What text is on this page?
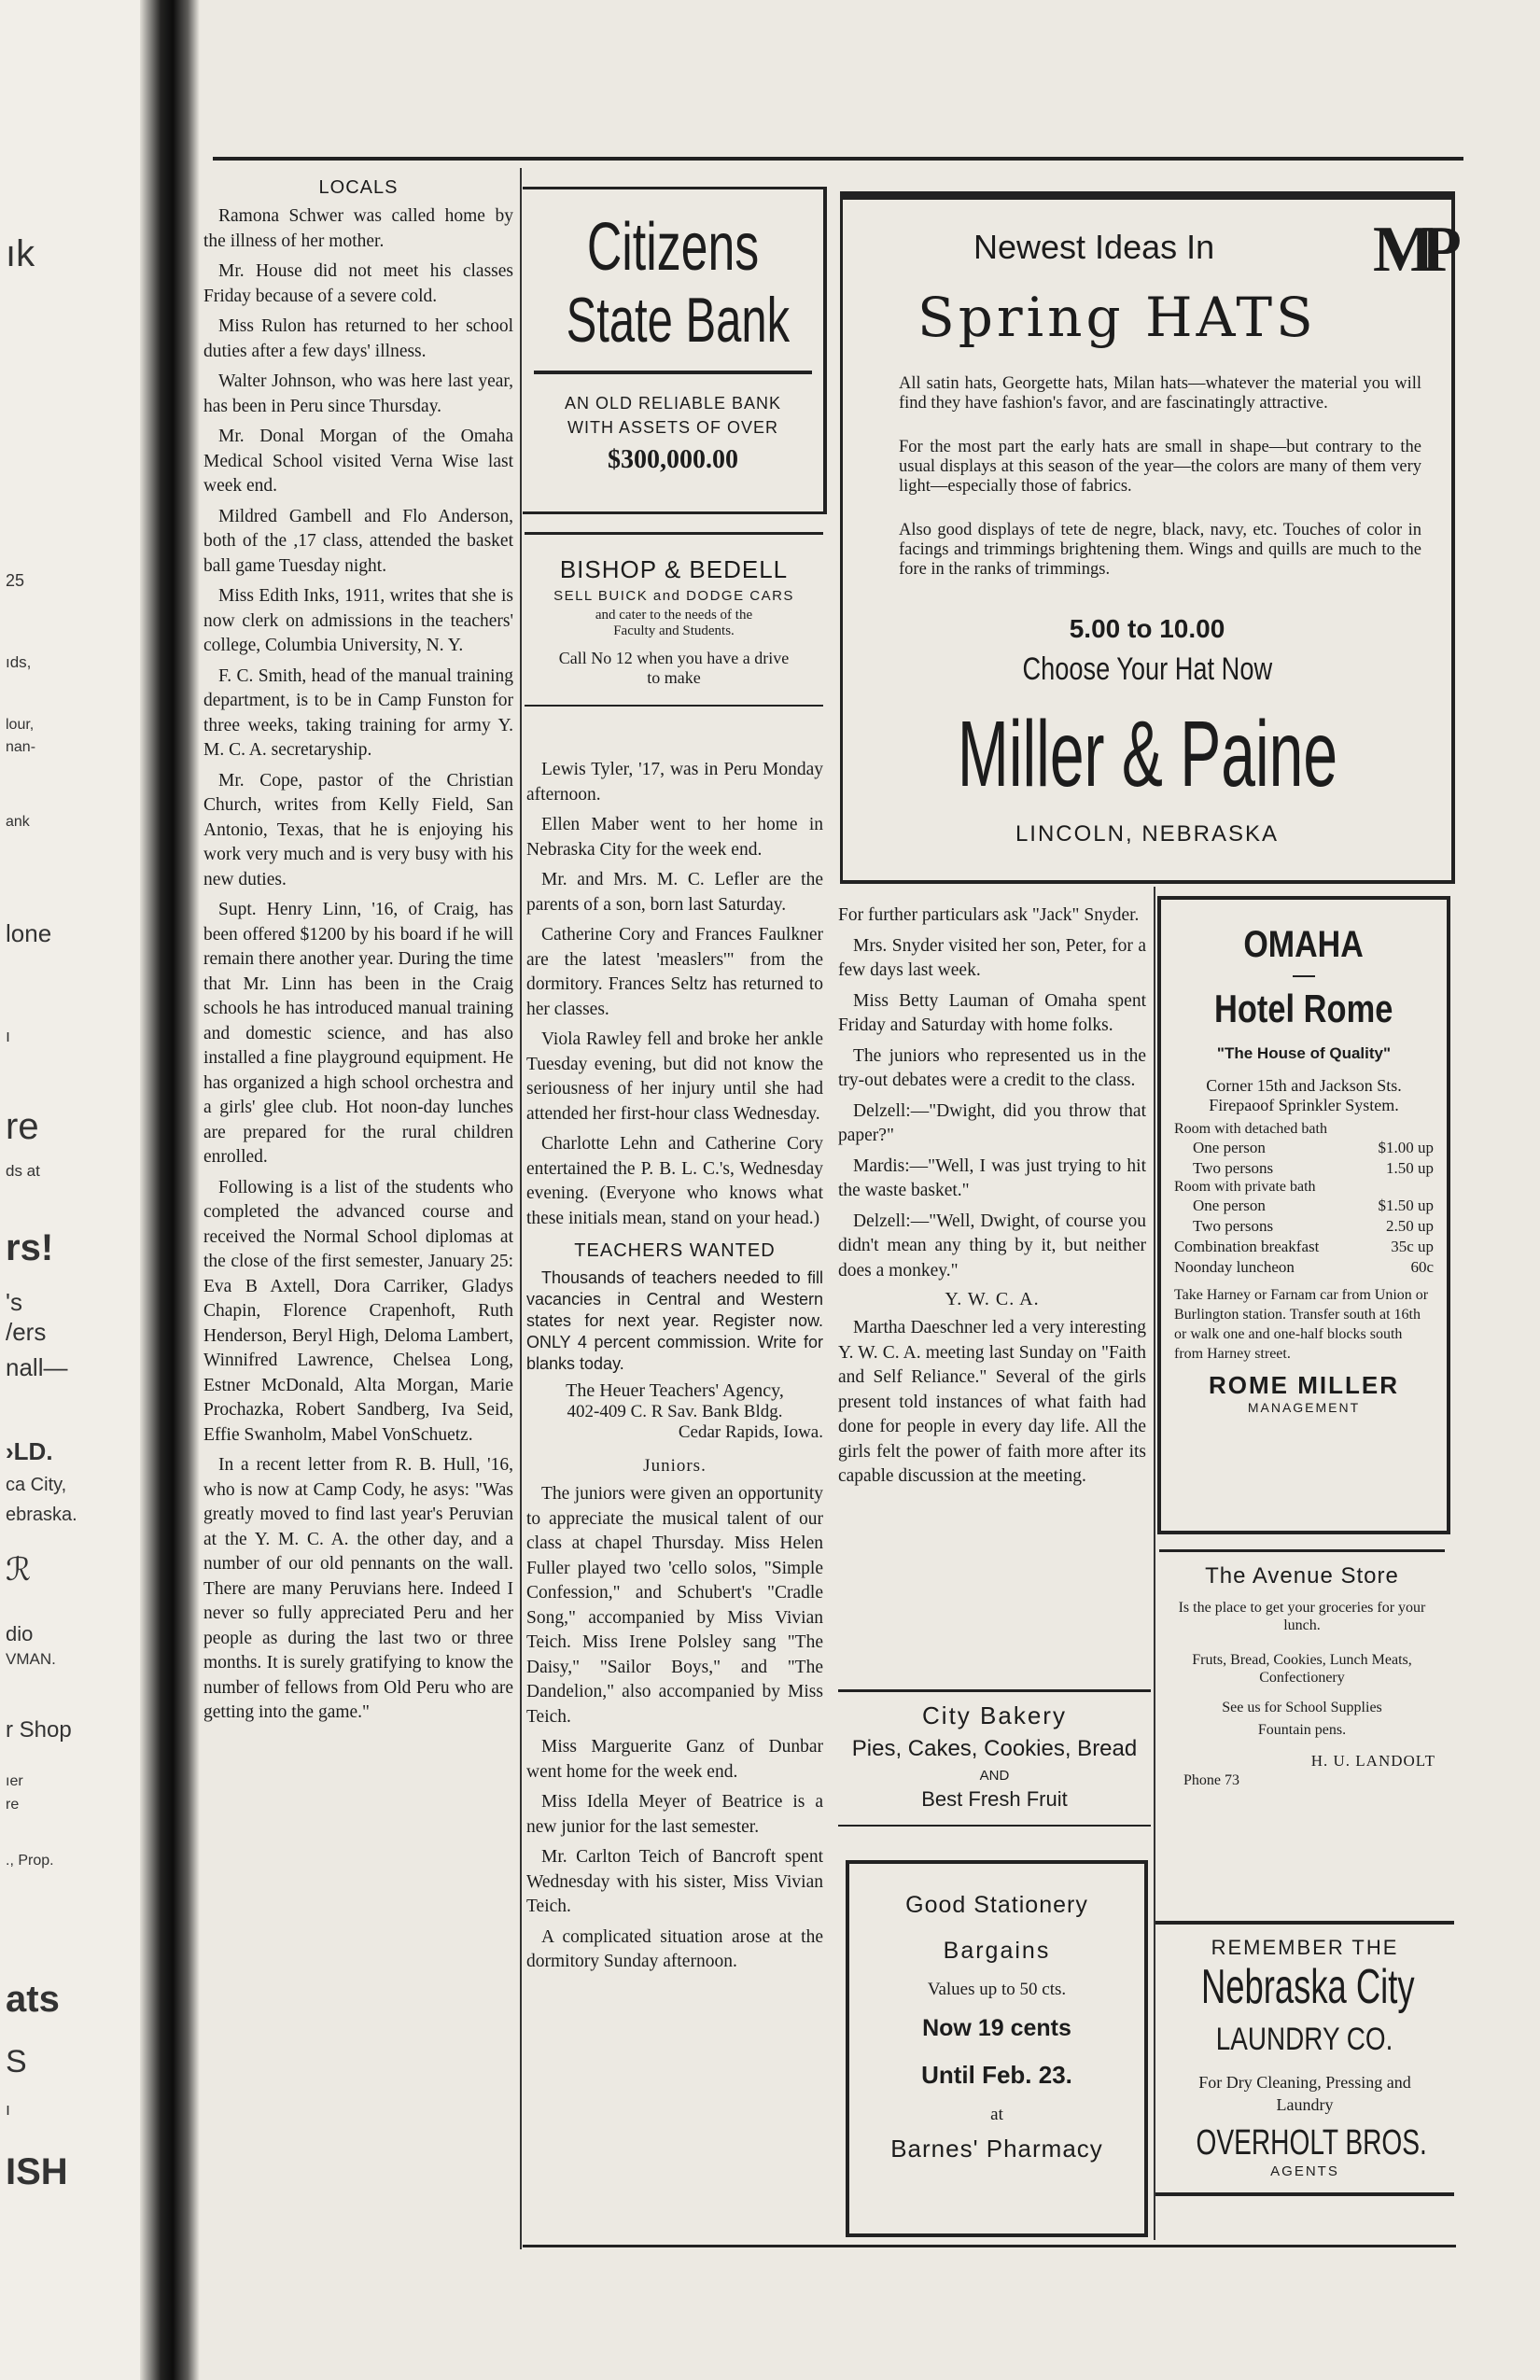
ık
25
ıds,
lour,
nan-
ank
lone
ı
re
ds at
rs!
's
/ers
nall—
›LD.
ca City,
ebraska.
ℛ
dio
VMAN.
r Shop
ıer
re
., Prop.
ats
S
ı
ISH
LOCALS

Ramona Schwer was called home by the illness of her mother.

Mr. House did not meet his classes Friday because of a severe cold.

Miss Rulon has returned to her school duties after a few days' illness.

Walter Johnson, who was here last year, has been in Peru since Thursday.

Mr. Donal Morgan of the Omaha Medical School visited Verna Wise last week end.

Mildred Gambell and Flo Anderson, both of the ,17 class, attended the basket ball game Tuesday night.

Miss Edith Inks, 1911, writes that she is now clerk on admissions in the teachers' college, Columbia University, N. Y.

F. C. Smith, head of the manual training department, is to be in Camp Funston for three weeks, taking training for army Y. M. C. A. secretaryship.

Mr. Cope, pastor of the Christian Church, writes from Kelly Field, San Antonio, Texas, that he is enjoying his work very much and is very busy with his new duties.

Supt. Henry Linn, '16, of Craig, has been offered $1200 by his board if he will remain there another year. During the time that Mr. Linn has been in the Craig schools he has introduced manual training and domestic science, and has also installed a fine playground equipment. He has organized a high school orchestra and a girls' glee club. Hot noon-day lunches are prepared for the rural children enrolled.

Following is a list of the students who completed the advanced course and received the Normal School diplomas at the close of the first semester, January 25: Eva B Axtell, Dora Carriker, Gladys Chapin, Florence Crapenhoft, Ruth Henderson, Beryl High, Deloma Lambert, Winnifred Lawrence, Chelsea Long, Estner McDonald, Alta Morgan, Marie Prochazka, Robert Sandberg, Iva Seid, Effie Swanholm, Mabel VonSchuetz.

In a recent letter from R. B. Hull, '16, who is now at Camp Cody, he asys: "Was greatly moved to find last year's Peruvian at the Y. M. C. A. the other day, and a number of our old pennants on the wall. There are many Peruvians here. Indeed I never so fully appreciated Peru and her people as during the last two or three months. It is surely gratifying to know the number of fellows from Old Peru who are getting into the game."

Citizens
State Bank
AN OLD RELIABLE BANK
WITH ASSETS OF OVER
$300,000.00
BISHOP & BEDELL
SELL BUICK and DODGE CARS
and cater to the needs of the
Faculty and Students.
Call No 12 when you have a drive
to make

Lewis Tyler, '17, was in Peru Monday afternoon.

Ellen Maber went to her home in Nebraska City for the week end.

Mr. and Mrs. M. C. Lefler are the parents of a son, born last Saturday.

Catherine Cory and Frances Faulkner are the latest 'measlers'" from the dormitory. Frances Seltz has returned to her classes.

Viola Rawley fell and broke her ankle Tuesday evening, but did not know the seriousness of her injury until she had attended her first-hour class Wednesday.

Charlotte Lehn and Catherine Cory entertained the P. B. L. C.'s, Wednesday evening. (Everyone who knows what these initials mean, stand on your head.)

TEACHERS WANTED

Thousands of teachers needed to fill vacancies in Central and Western states for next year. Register now. ONLY 4 percent commission. Write for blanks today.

The Heuer Teachers' Agency,
402-409 C. R Sav. Bank Bldg.
Cedar Rapids, Iowa.
Juniors.

The juniors were given an opportunity to appreciate the musical talent of our class at chapel Thursday. Miss Helen Fuller played two 'cello solos, "Simple Confession," and Schubert's "Cradle Song," accompanied by Miss Vivian Teich. Miss Irene Polsley sang "The Daisy," "Sailor Boys," and "The Dandelion," also accompanied by Miss Teich.

Miss Marguerite Ganz of Dunbar went home for the week end.

Miss Idella Meyer of Beatrice is a new junior for the last semester.

Mr. Carlton Teich of Bancroft spent Wednesday with his sister, Miss Vivian Teich.

A complicated situation arose at the dormitory Sunday afternoon.

Newest Ideas In
Spring HATS
MP
All satin hats, Georgette hats, Milan hats—whatever the material you will find they have fashion's favor, and are fascinatingly attractive.
For the most part the early hats are small in shape—but contrary to the usual displays at this season of the year—the colors are many of them very light—especially those of fabrics.
Also good displays of tete de negre, black, navy, etc. Touches of color in facings and trimmings brightening them. Wings and quills are much to the fore in the ranks of trimmings.
5.00 to 10.00
Choose Your Hat Now
Miller & Paine
LINCOLN, NEBRASKA

For further particulars ask "Jack" Snyder.

Mrs. Snyder visited her son, Peter, for a few days last week.

Miss Betty Lauman of Omaha spent Friday and Saturday with home folks.

The juniors who represented us in the try-out debates were a credit to the class.

Delzell:—"Dwight, did you throw that paper?"

Mardis:—"Well, I was just trying to hit the waste basket."

Delzell:—"Well, Dwight, of course you didn't mean any thing by it, but neither does a monkey."

Y. W. C. A.

Martha Daeschner led a very interesting Y. W. C. A. meeting last Sunday on "Faith and Self Reliance." Several of the girls present told instances of what faith had done for people in every day life. All the girls felt the power of faith more after its capable discussion at the meeting.

City Bakery
Pies, Cakes, Cookies, Bread
AND
Best Fresh Fruit
Good Stationery
Bargains
Values up to 50 cts.
Now 19 cents
Until Feb. 23.
at
Barnes' Pharmacy
OMAHA
Hotel Rome
"The House of Quality"
Corner 15th and Jackson Sts.
Firepaoof Sprinkler System.
Room with detached bath
One person	$1.00 up
Two persons	1.50 up
Room with private bath
One person	$1.50 up
Two persons	2.50 up
Combination breakfast	35c up
Noonday luncheon	60c
Take Harney or Farnam car from Union or Burlington station. Transfer south at 16th or walk one and one-half blocks south from Harney street.
ROME MILLER
MANAGEMENT
The Avenue Store
Is the place to get your groceries for your lunch.
Fruts, Bread, Cookies, Lunch Meats, Confectionery
See us for School Supplies
Fountain pens.
H. U. LANDOLT
Phone 73
REMEMBER THE
Nebraska City
LAUNDRY CO.
For Dry Cleaning, Pressing and Laundry
OVERHOLT BROS.
AGENTS
